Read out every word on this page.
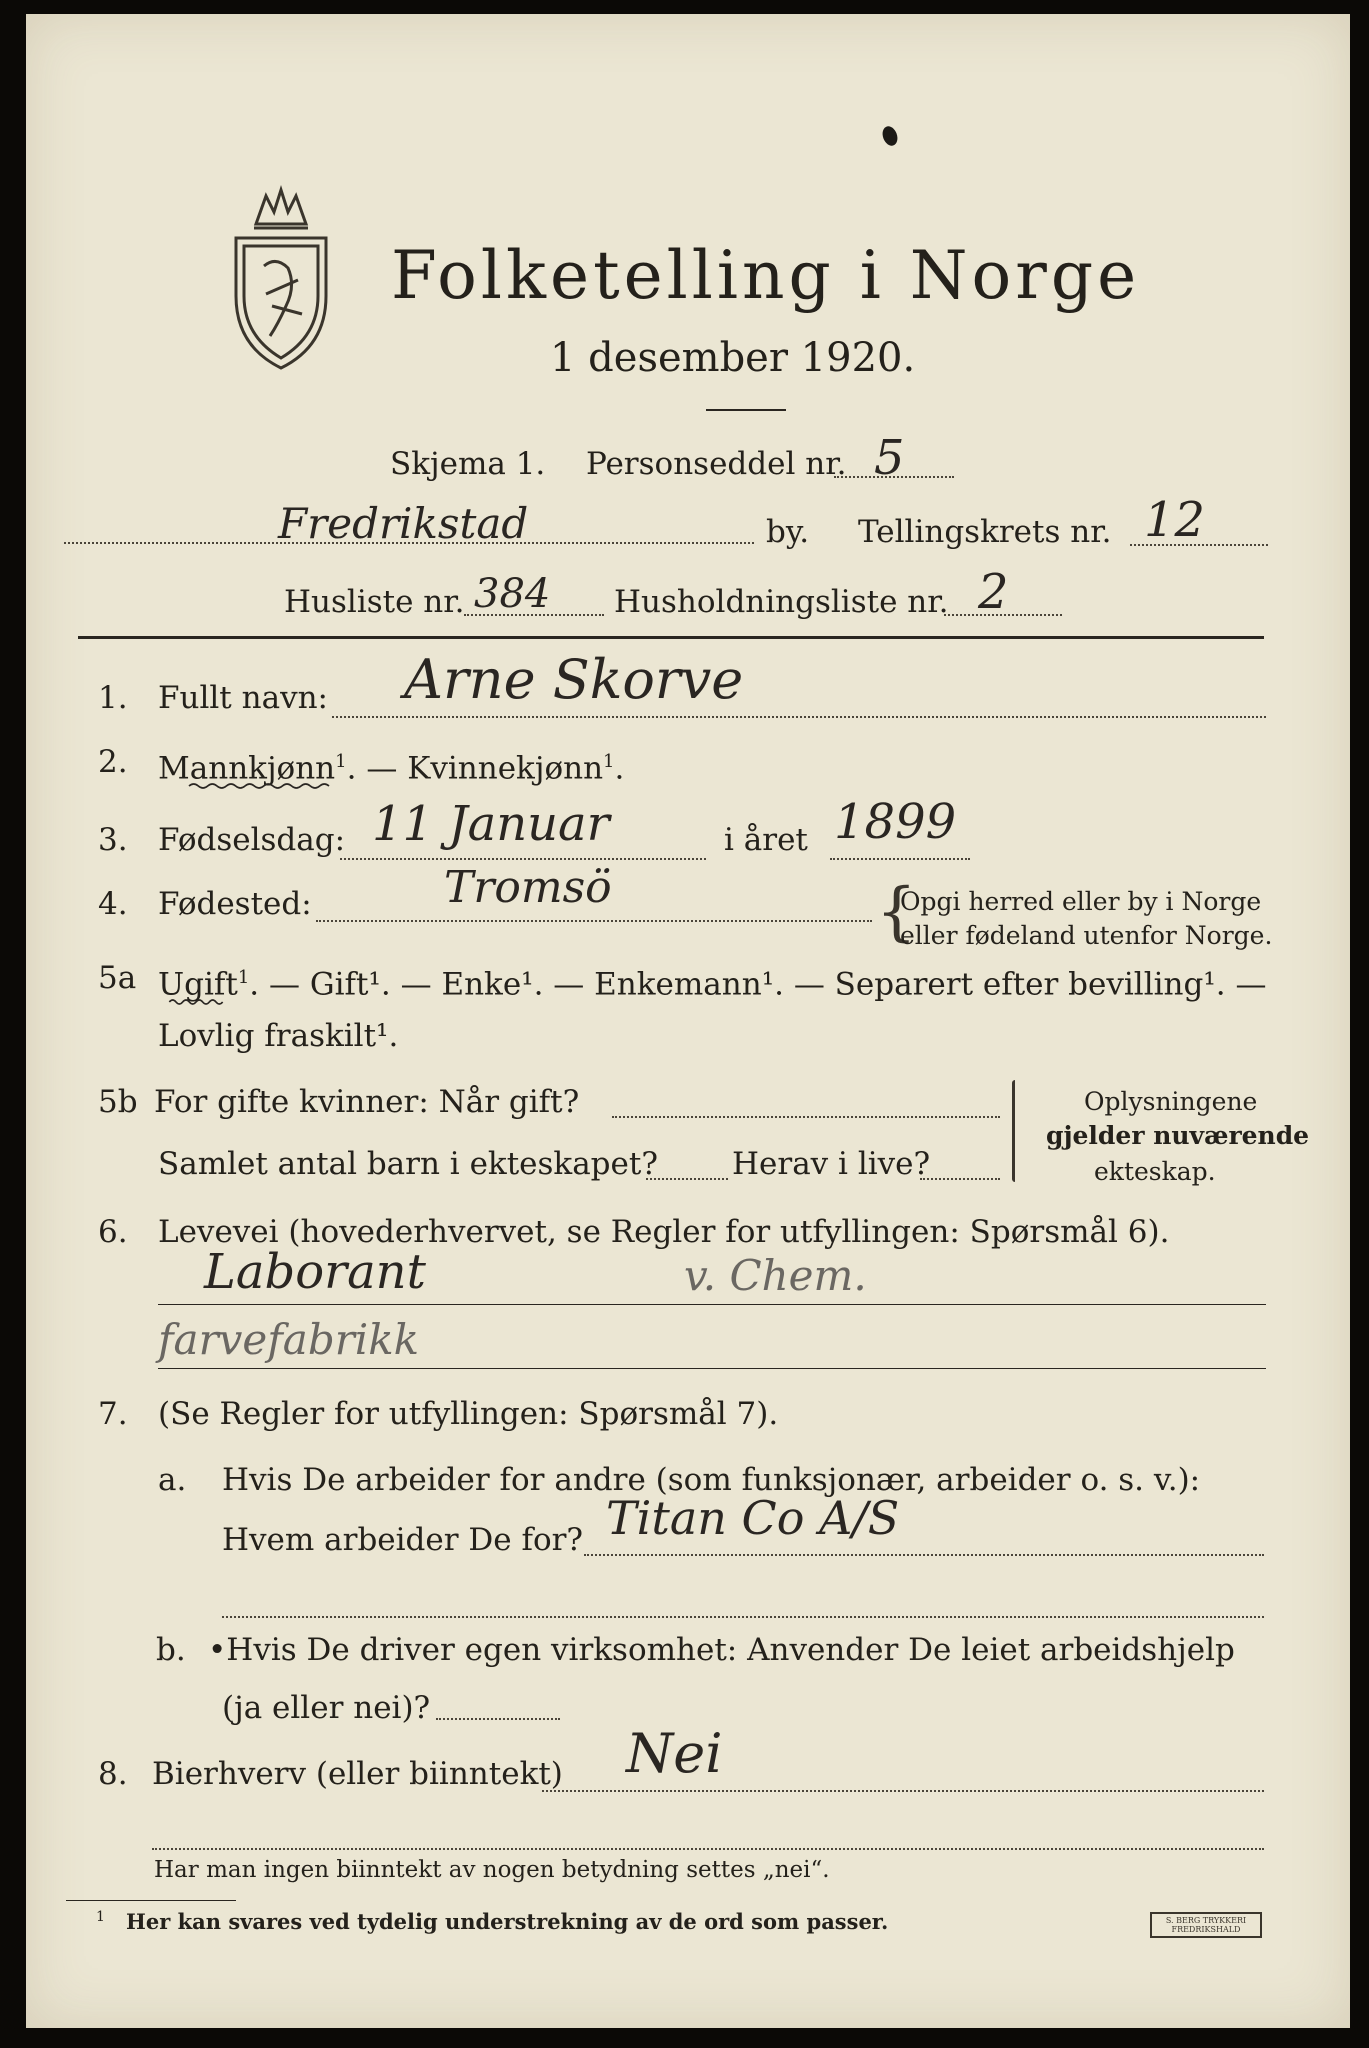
Folketelling i Norge
1 desember 1920.
Skjema 1. Personseddel nr. 5
Fredrikstad	by. Tellingskrets nr. 12
Husliste nr. 384 Husholdningsliste nr. 2
1. Fullt navn: Arne Skorve
2. Mannkjønn$^1$. — Kvinnekjønn$^1$.
3. Fødselsdag: 11 Januar	i året 1899
4. Fødested:	Tromsö	{
Opgi herred eller by i Norge
eller fødeland utenfor Norge.
5a Ugift$^1$. — Gift¹. — Enke¹. — Enkemann¹. — Separert efter bevilling¹. —
Lovlig fraskilt¹.
5b For gifte kvinner: Når gift?
Samlet antal barn i ekteskapet? Herav i live?
Oplysningene
gjelder nuværende
ekteskap.
6. Levevei (hovederhvervet, se Regler for utfyllingen: Spørsmål 6).
Laborant	v. Chem.
farvefabrikk
7. (Se Regler for utfyllingen: Spørsmål 7).
a. Hvis De arbeider for andre (som funksjonær, arbeider o. s. v.):
Hvem arbeider De for? Titan Co A/S
b. •Hvis De driver egen virksomhet: Anvender De leiet arbeidshjelp
(ja eller nei)?
8. Bierhverv (eller biinntekt) Nei
Har man ingen biinntekt av nogen betydning settes „nei“.
1 Her kan svares ved tydelig understrekning av de ord som passer.	S. BERG TRYKKERI FREDRIKSHALD
